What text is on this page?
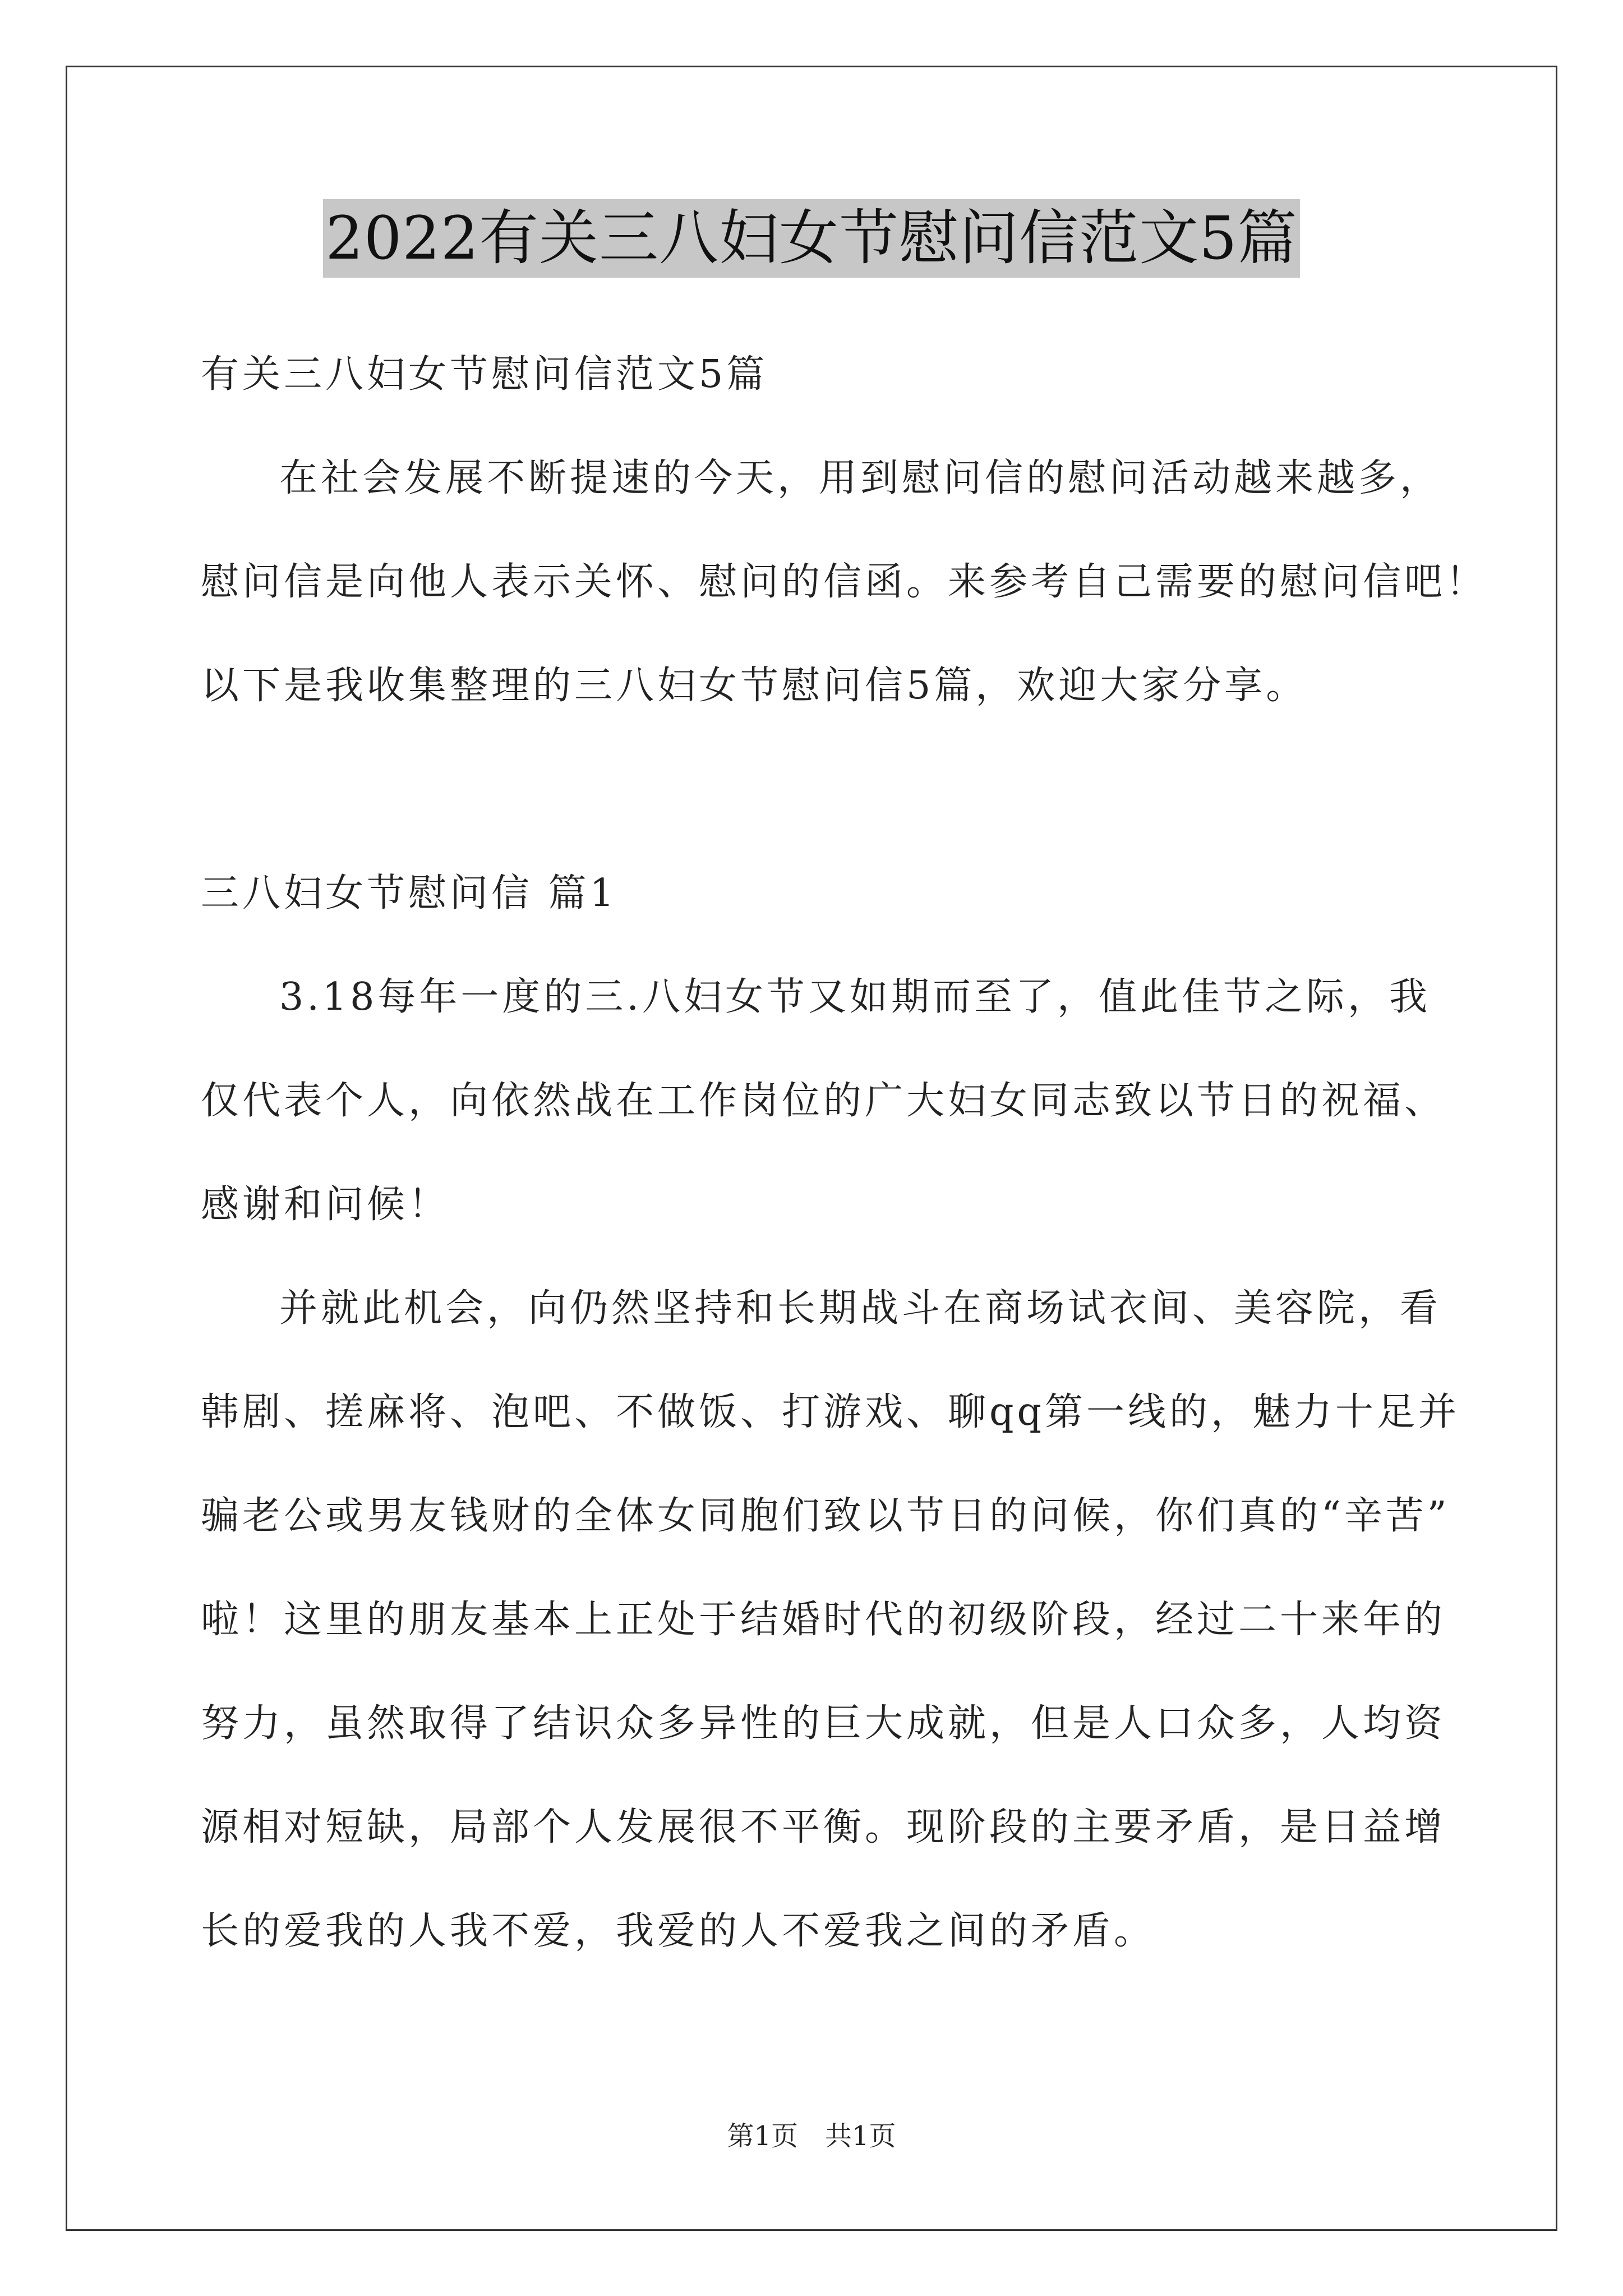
2022有关三八妇女节慰问信范文5篇
有关三八妇女节慰问信范文5篇
在社会发展不断提速的今天，用到慰问信的慰问活动越来越多，
慰问信是向他人表示关怀、慰问的信函。来参考自己需要的慰问信吧！
以下是我收集整理的三八妇女节慰问信5篇，欢迎大家分享。
三八妇女节慰问信 篇1
3.18每年一度的三.八妇女节又如期而至了，值此佳节之际，我
仅代表个人，向依然战在工作岗位的广大妇女同志致以节日的祝福、
感谢和问候！
并就此机会，向仍然坚持和长期战斗在商场试衣间、美容院，看
韩剧、搓麻将、泡吧、不做饭、打游戏、聊qq第一线的，魅力十足并
骗老公或男友钱财的全体女同胞们致以节日的问候，你们真的“辛苦”
啦！这里的朋友基本上正处于结婚时代的初级阶段，经过二十来年的
努力，虽然取得了结识众多异性的巨大成就，但是人口众多，人均资
源相对短缺，局部个人发展很不平衡。现阶段的主要矛盾，是日益增
长的爱我的人我不爱，我爱的人不爱我之间的矛盾。
第1页　共1页
